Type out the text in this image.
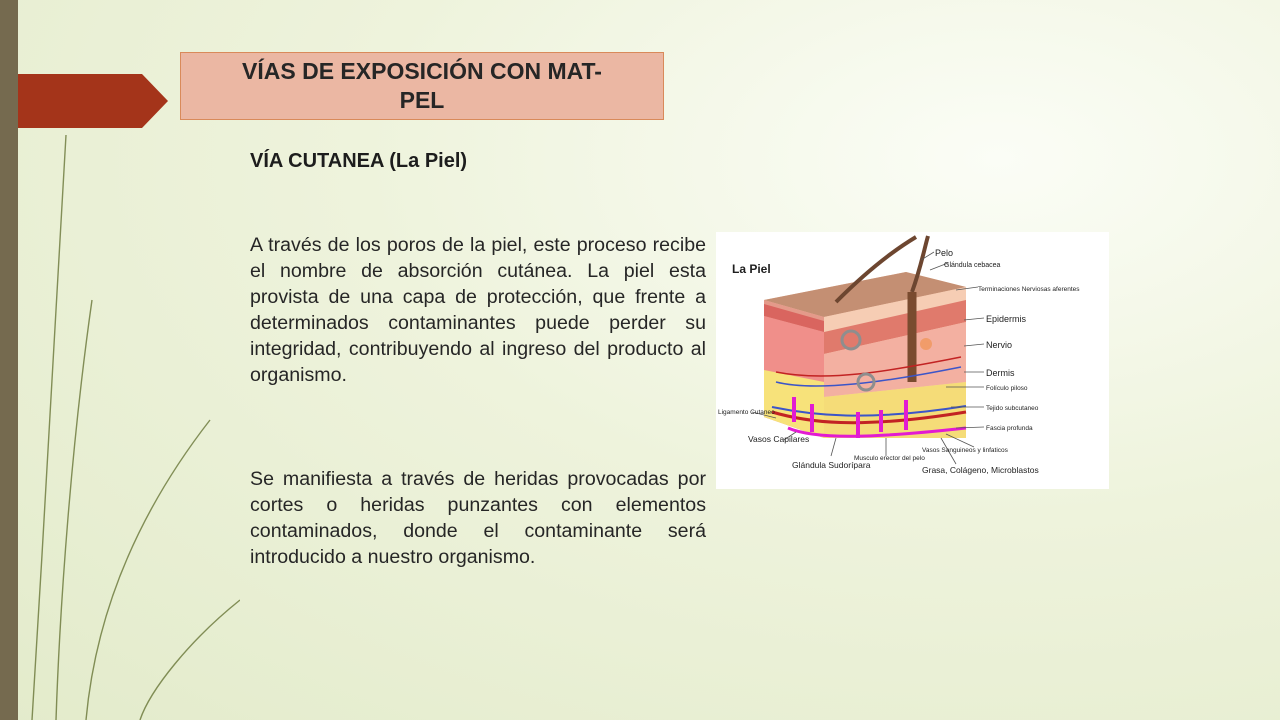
VÍAS DE EXPOSICIÓN CON MAT-PEL
VÍA CUTANEA (La Piel)

A través de los poros de la piel, este proceso recibe el nombre de absorción cutánea. La piel esta provista de una capa de protección, que frente a determinados contaminantes puede perder su integridad, contribuyendo al ingreso del producto al organismo.

Se manifiesta a través de heridas provocadas por cortes o heridas punzantes con elementos contaminados, donde el contaminante será introducido a nuestro organismo.

La Piel
Pelo
Glándula cebacea
Terminaciones Nerviosas aferentes
Epidermis
Nervio
Dermis
Folículo piloso
Tejido subcutaneo
Fascia profunda
Vasos Sanguineos y linfaticos
Grasa, Colágeno, Microblastos
Musculo erector del pelo
Glándula Sudorípara
Vasos Capilares
Ligamento Cutaneo
